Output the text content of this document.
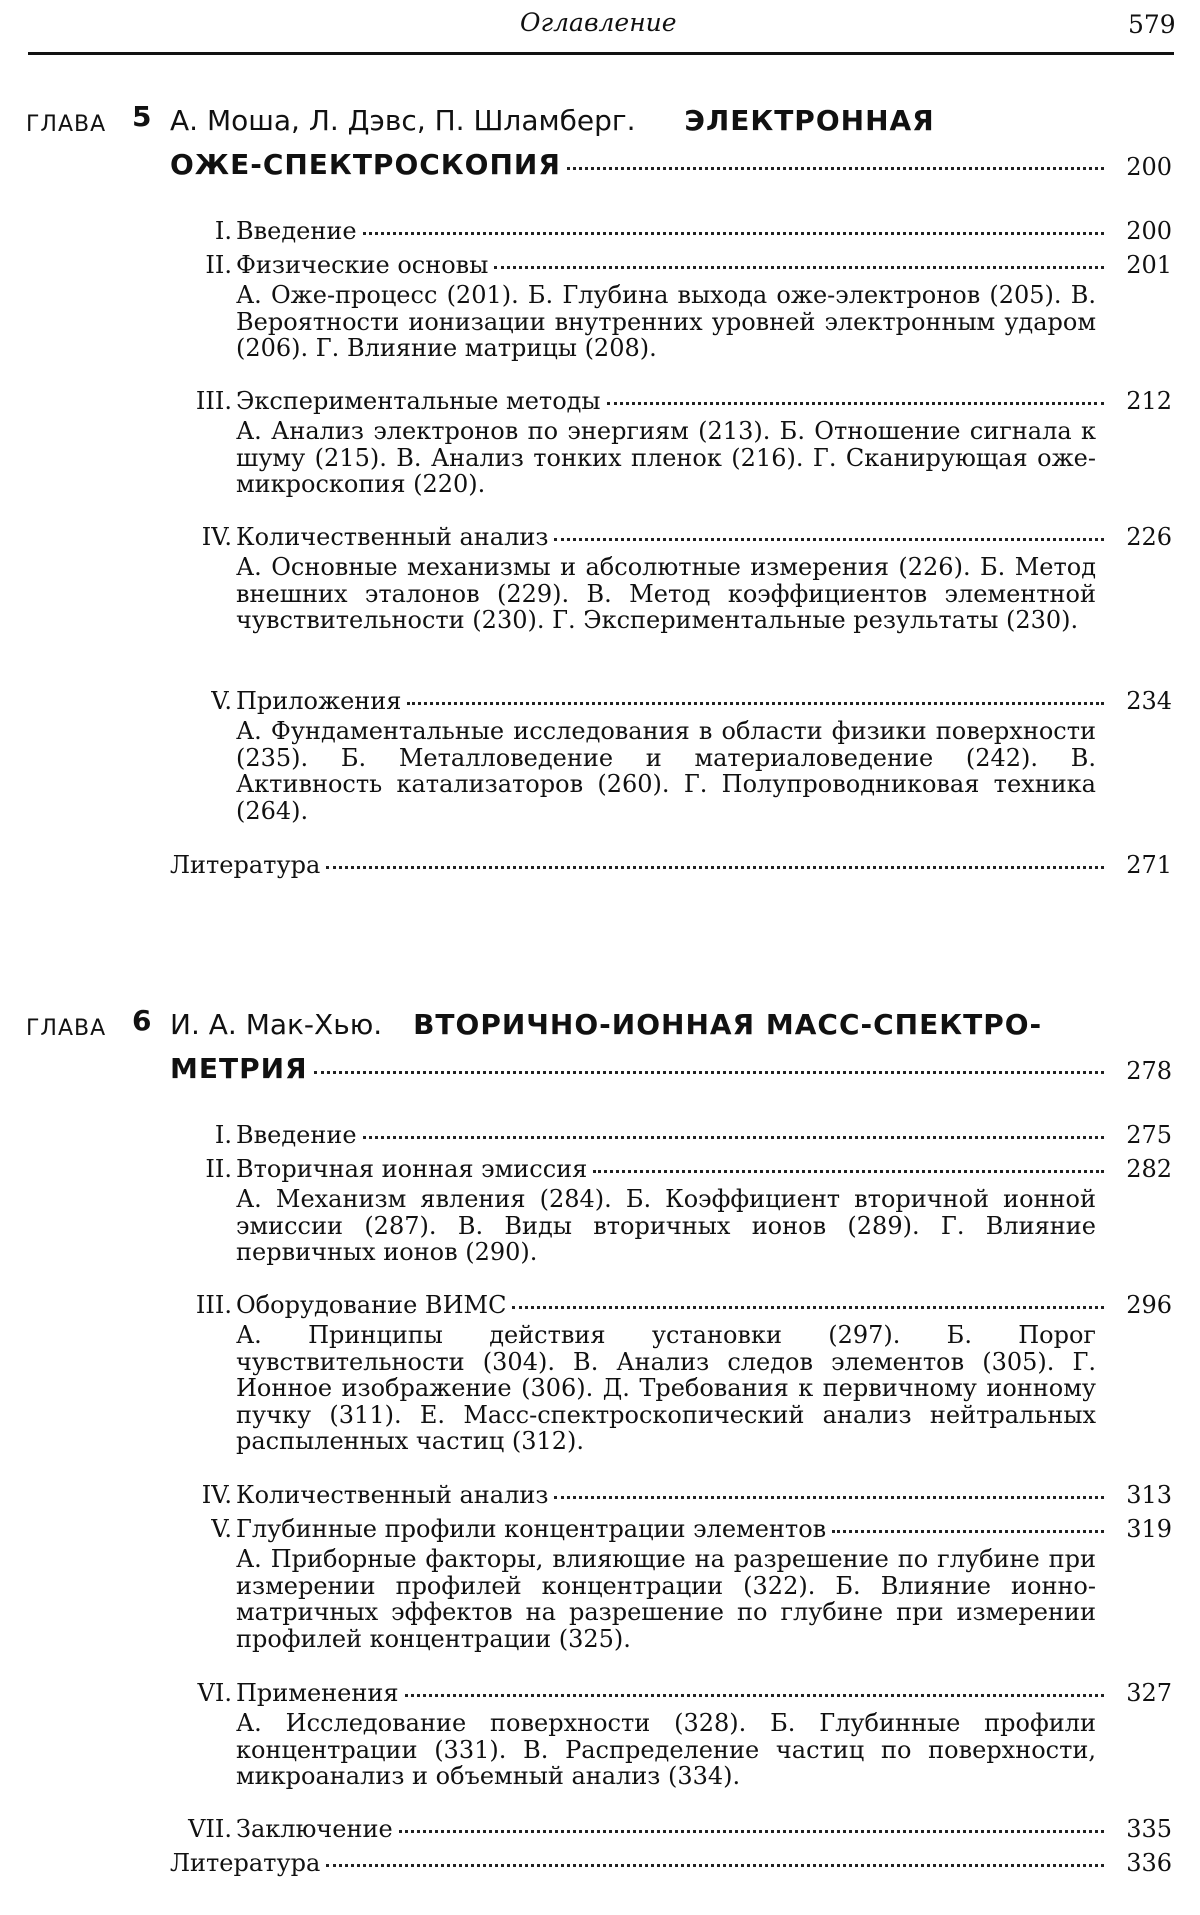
Оглавление	579
ГЛАВА 5 А. Моша, Л. Дэвс, П. Шламберг. ЭЛЕКТРОННАЯ
ОЖЕ-СПЕКТРОСКОПИЯ	200
I. Введение	200
II. Физические основы	201
А. Оже-процесс (201). Б. Глубина выхода оже-электронов (205). В. Вероятности ионизации внутренних уровней электронным ударом (206). Г. Влияние матрицы (208).
III. Экспериментальные методы	212
А. Анализ электронов по энергиям (213). Б. Отношение сигнала к шуму (215). В. Анализ тонких пленок (216). Г. Сканирующая оже-микроскопия (220).
IV. Количественный анализ	226
А. Основные механизмы и абсолютные измерения (226). Б. Метод внешних эталонов (229). В. Метод коэффициентов элементной чувствительности (230). Г. Экспериментальные результаты (230).
V. Приложения	234
А. Фундаментальные исследования в области физики поверхности (235). Б. Металловедение и материаловедение (242). В. Активность катализаторов (260). Г. Полупроводниковая техника (264).
Литература	271
ГЛАВА 6 И. А. Мак-Хью. ВТОРИЧНО-ИОННАЯ МАСС-СПЕКТРО-
МЕТРИЯ	278
I. Введение	275
II. Вторичная ионная эмиссия	282
А. Механизм явления (284). Б. Коэффициент вторичной ионной эмиссии (287). В. Виды вторичных ионов (289). Г. Влияние первичных ионов (290).
III. Оборудование ВИМС	296
А. Принципы действия установки (297). Б. Порог чувствительности (304). В. Анализ следов элементов (305). Г. Ионное изображение (306). Д. Требования к первичному ионному пучку (311). Е. Масс-спектроскопический анализ нейтральных распыленных частиц (312).
IV. Количественный анализ	313
V. Глубинные профили концентрации элементов	319
А. Приборные факторы, влияющие на разрешение по глубине при измерении профилей концентрации (322). Б. Влияние ионно-матричных эффектов на разрешение по глубине при измерении профилей концентрации (325).
VI. Применения	327
А. Исследование поверхности (328). Б. Глубинные профили концентрации (331). В. Распределение частиц по поверхности, микроанализ и объемный анализ (334).
VII. Заключение	335
Литература	336
